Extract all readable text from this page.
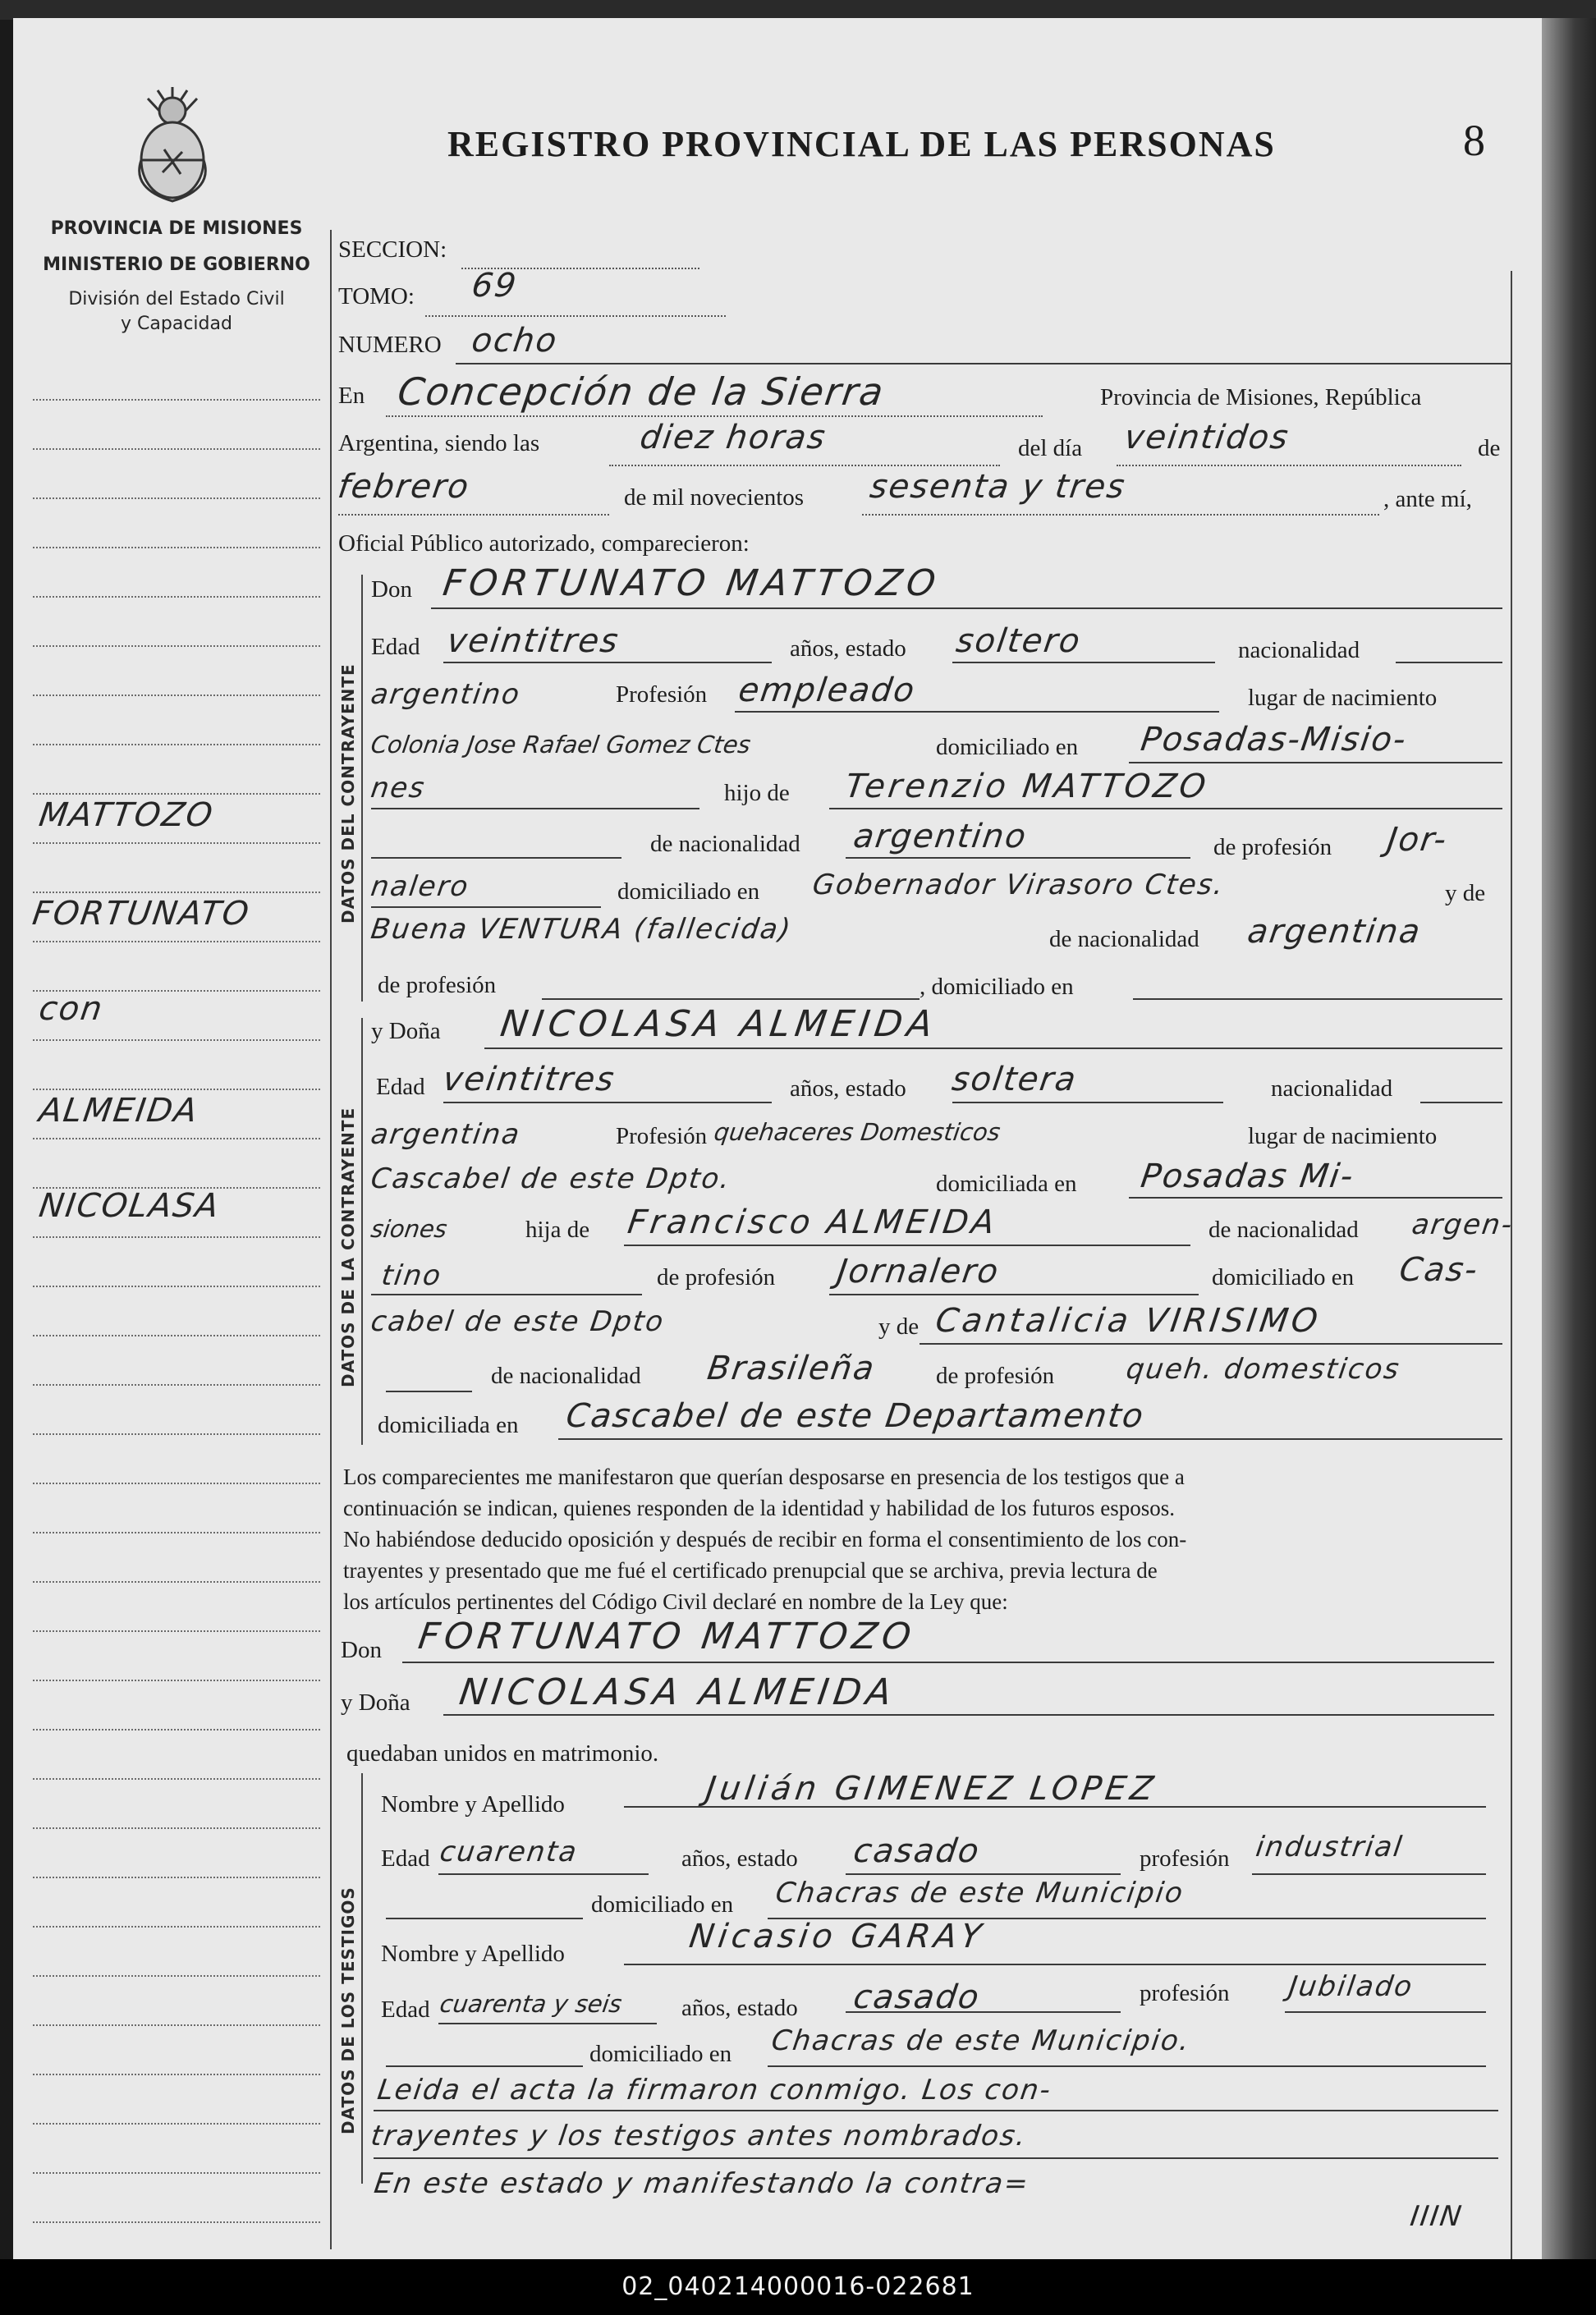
PROVINCIA DE MISIONES
MINISTERIO DE GOBIERNO
División del Estado Civil
y Capacidad
REGISTRO PROVINCIAL DE LAS PERSONAS	8
DATOS DEL CONTRAYENTE
DATOS DE LA CONTRAYENTE
DATOS DE LOS TESTIGOS
SECCION:
TOMO: 69
NUMERO ocho
En Concepción de la Sierra	Provincia de Misiones, República
Argentina, siendo las	diez horas	del día veintidos	de
febrero	de mil novecientos sesenta y tres	, ante mí,
Oficial Público autorizado, comparecieron:
Don FORTUNATO MATTOZO
Edad veintitres	años, estado soltero	nacionalidad
argentino	Profesión empleado	lugar de nacimiento
Colonia Jose Rafael Gomez Ctes	domiciliado en Posadas-Misio-
nes	hijo de Terenzio MATTOZO
de nacionalidad argentino	de profesión Jor-
nalero	domiciliado en Gobernador Virasoro Ctes.	y de
Buena VENTURA (fallecida)	de nacionalidad argentina
de profesión	, domiciliado en
y Doña NICOLASA ALMEIDA
Edad veintitres	años, estado soltera	nacionalidad
argentina	Profesión quehaceres Domesticos	lugar de nacimiento
Cascabel de este Dpto.	domiciliada en Posadas Mi-
siones	hija de Francisco ALMEIDA	de nacionalidad argen-
tino	de profesión Jornalero	domiciliado en Cas-
cabel de este Dpto	y de Cantalicia VIRISIMO
de nacionalidad Brasileña de profesión	queh. domesticos
domiciliada en Cascabel de este Departamento
Los comparecientes me manifestaron que querían desposarse en presencia de los testigos que a
continuación se indican, quienes responden de la identidad y habilidad de los futuros esposos.
No habiéndose deducido oposición y después de recibir en forma el consentimiento de los con-
trayentes y presentado que me fué el certificado prenupcial que se archiva, previa lectura de
los artículos pertinentes del Código Civil declaré en nombre de la Ley que:
Don FORTUNATO MATTOZO
y Doña NICOLASA ALMEIDA
quedaban unidos en matrimonio.
Nombre y Apellido	Julián GIMENEZ LOPEZ
Edad cuarenta	años, estado casado	profesión industrial
domiciliado en Chacras de este Municipio
Nombre y Apellido	Nicasio GARAY
Edad cuarenta y seis años, estado casado	profesión Jubilado
domiciliado en Chacras de este Municipio.
Leida el acta la firmaron conmigo. Los con-
trayentes y los testigos antes nombrados.
En este estado y manifestando la contra=
IIIN
MATTOZO
FORTUNATO
con
ALMEIDA
NICOLASA
02_040214000016-022681
